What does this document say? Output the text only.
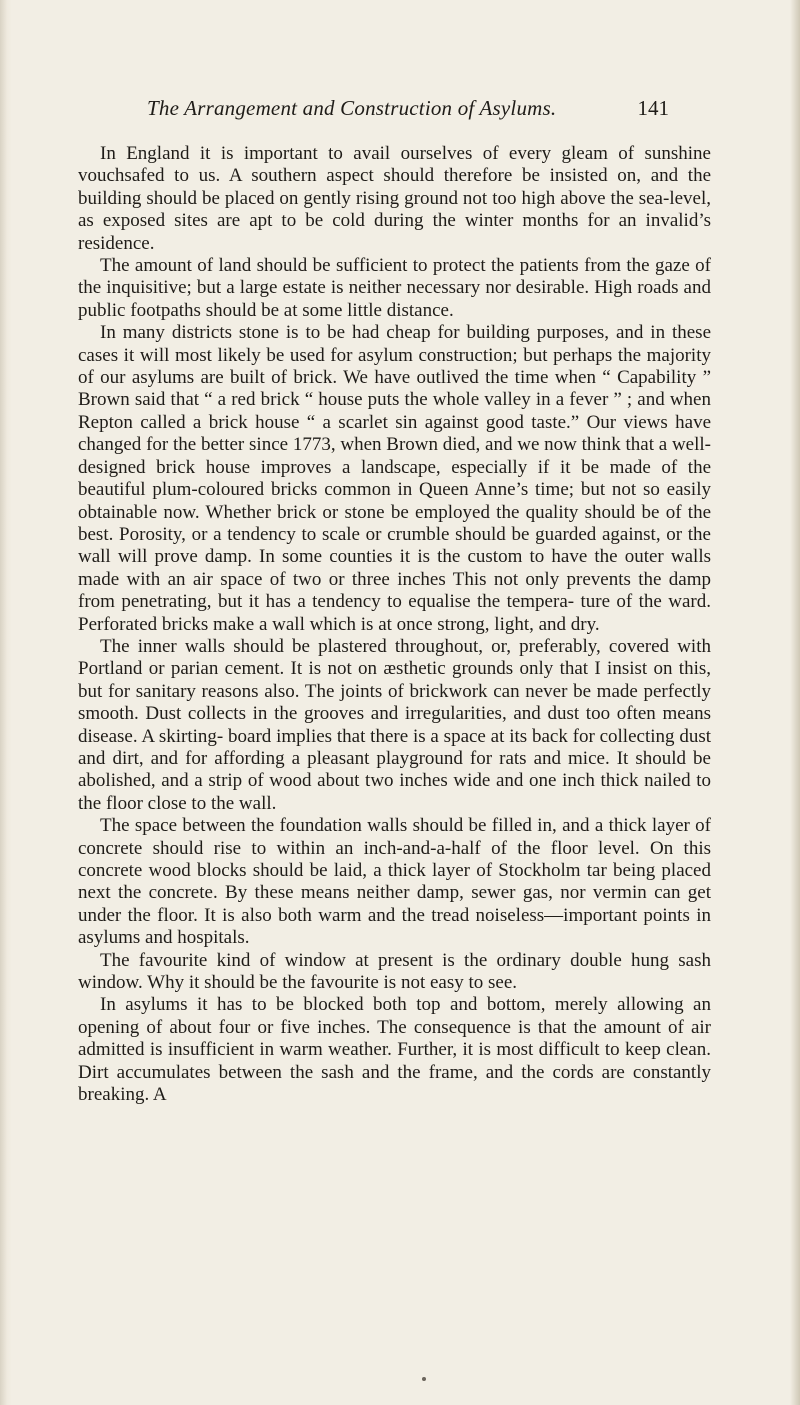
The Arrangement and Construction of Asylums.	141

In England it is important to avail ourselves of every gleam of sunshine vouchsafed to us. A southern aspect should therefore be insisted on, and the building should be placed on gently rising ground not too high above the sea-level, as exposed sites are apt to be cold during the winter months for an invalid’s residence.

The amount of land should be sufficient to protect the patients from the gaze of the inquisitive; but a large estate is neither necessary nor desirable. High roads and public footpaths should be at some little distance.

In many districts stone is to be had cheap for building purposes, and in these cases it will most likely be used for asylum construction; but perhaps the majority of our asylums are built of brick. We have outlived the time when “ Capability ” Brown said that “ a red brick “ house puts the whole valley in a fever ” ; and when Repton called a brick house “ a scarlet sin against good taste.” Our views have changed for the better since 1773, when Brown died, and we now think that a well-designed brick house improves a landscape, especially if it be made of the beautiful plum-coloured bricks common in Queen Anne’s time; but not so easily obtainable now. Whether brick or stone be employed the quality should be of the best. Porosity, or a tendency to scale or crumble should be guarded against, or the wall will prove damp. In some counties it is the custom to have the outer walls made with an air space of two or three inches This not only prevents the damp from penetrating, but it has a tendency to equalise the tempera- ture of the ward. Perforated bricks make a wall which is at once strong, light, and dry.

The inner walls should be plastered throughout, or, preferably, covered with Portland or parian cement. It is not on æsthetic grounds only that I insist on this, but for sanitary reasons also. The joints of brickwork can never be made perfectly smooth. Dust collects in the grooves and irregularities, and dust too often means disease. A skirting- board implies that there is a space at its back for collecting dust and dirt, and for affording a pleasant playground for rats and mice. It should be abolished, and a strip of wood about two inches wide and one inch thick nailed to the floor close to the wall.

The space between the foundation walls should be filled in, and a thick layer of concrete should rise to within an inch-and-a-half of the floor level. On this concrete wood blocks should be laid, a thick layer of Stockholm tar being placed next the concrete. By these means neither damp, sewer gas, nor vermin can get under the floor. It is also both warm and the tread noiseless—important points in asylums and hospitals.

The favourite kind of window at present is the ordinary double hung sash window. Why it should be the favourite is not easy to see.

In asylums it has to be blocked both top and bottom, merely allowing an opening of about four or five inches. The consequence is that the amount of air admitted is insufficient in warm weather. Further, it is most difficult to keep clean. Dirt accumulates between the sash and the frame, and the cords are constantly breaking. A
